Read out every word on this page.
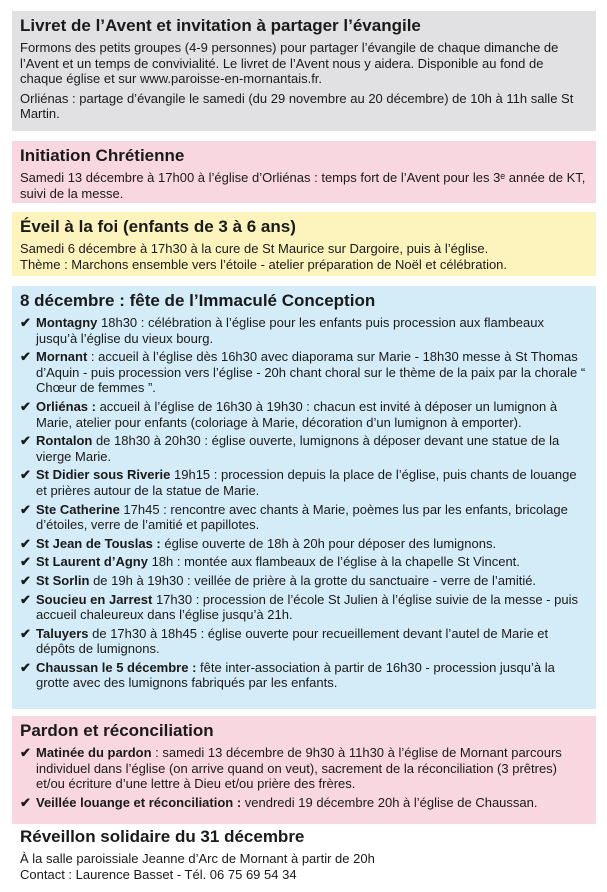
Livret de l’Avent et invitation à partager l’évangile

Formons des petits groupes (4-9 personnes) pour partager l’évangile de chaque dimanche de l’Avent et un temps de convivialité. Le livret de l’Avent nous y aidera. Disponible au fond de chaque église et sur www.paroisse-en-mornantais.fr.

Orliénas : partage d’évangile le samedi (du 29 novembre au 20 décembre) de 10h à 11h salle St Martin.

Initiation Chrétienne

Samedi 13 décembre à 17h00 à l’église d’Orliénas : temps fort de l’Avent pour les 3ᵉ année de KT, suivi de la messe.

Éveil à la foi (enfants de 3 à 6 ans)

Samedi 6 décembre à 17h30 à la cure de St Maurice sur Dargoire, puis à l’église.

Thème : Marchons ensemble vers l’étoile - atelier préparation de Noël et célébration.

8 décembre : fête de l’Immaculé Conception
✔ Montagny 18h30 : célébration à l’église pour les enfants puis procession aux flambeaux jusqu’à l’église du vieux bourg.
✔ Mornant : accueil à l’église dès 16h30 avec diaporama sur Marie - 18h30 messe à St Thomas d’Aquin - puis procession vers l’église - 20h chant choral sur le thème de la paix par la chorale “ Chœur de femmes ”.
✔ Orliénas : accueil à l’église de 16h30 à 19h30 : chacun est invité à déposer un lumignon à Marie, atelier pour enfants (coloriage à Marie, décoration d’un lumignon à emporter).
✔ Rontalon de 18h30 à 20h30 : église ouverte, lumignons à déposer devant une statue de la vierge Marie.
✔ St Didier sous Riverie 19h15 : procession depuis la place de l’église, puis chants de louange et prières autour de la statue de Marie.
✔ Ste Catherine 17h45 : rencontre avec chants à Marie, poèmes lus par les enfants, bricolage d’étoiles, verre de l’amitié et papillotes.
✔ St Jean de Touslas : église ouverte de 18h à 20h pour déposer des lumignons.
✔ St Laurent d’Agny 18h : montée aux flambeaux de l’église à la chapelle St Vincent.
✔ St Sorlin de 19h à 19h30 : veillée de prière à la grotte du sanctuaire - verre de l’amitié.
✔ Soucieu en Jarrest 17h30 : procession de l’école St Julien à l’église suivie de la messe - puis accueil chaleureux dans l’église jusqu’à 21h.
✔ Taluyers de 17h30 à 18h45 : église ouverte pour recueillement devant l’autel de Marie et dépôts de lumignons.
✔ Chaussan le 5 décembre : fête inter-association à partir de 16h30 - procession jusqu’à la grotte avec des lumignons fabriqués par les enfants.
Pardon et réconciliation
✔ Matinée du pardon : samedi 13 décembre de 9h30 à 11h30 à l’église de Mornant parcours individuel dans l’église (on arrive quand on veut), sacrement de la réconciliation (3 prêtres) et/ou écriture d’une lettre à Dieu et/ou prière des frères.
✔ Veillée louange et réconciliation : vendredi 19 décembre 20h à l’église de Chaussan.
Réveillon solidaire du 31 décembre

À la salle paroissiale Jeanne d’Arc de Mornant à partir de 20h

Contact : Laurence Basset - Tél. 06 75 69 54 34
